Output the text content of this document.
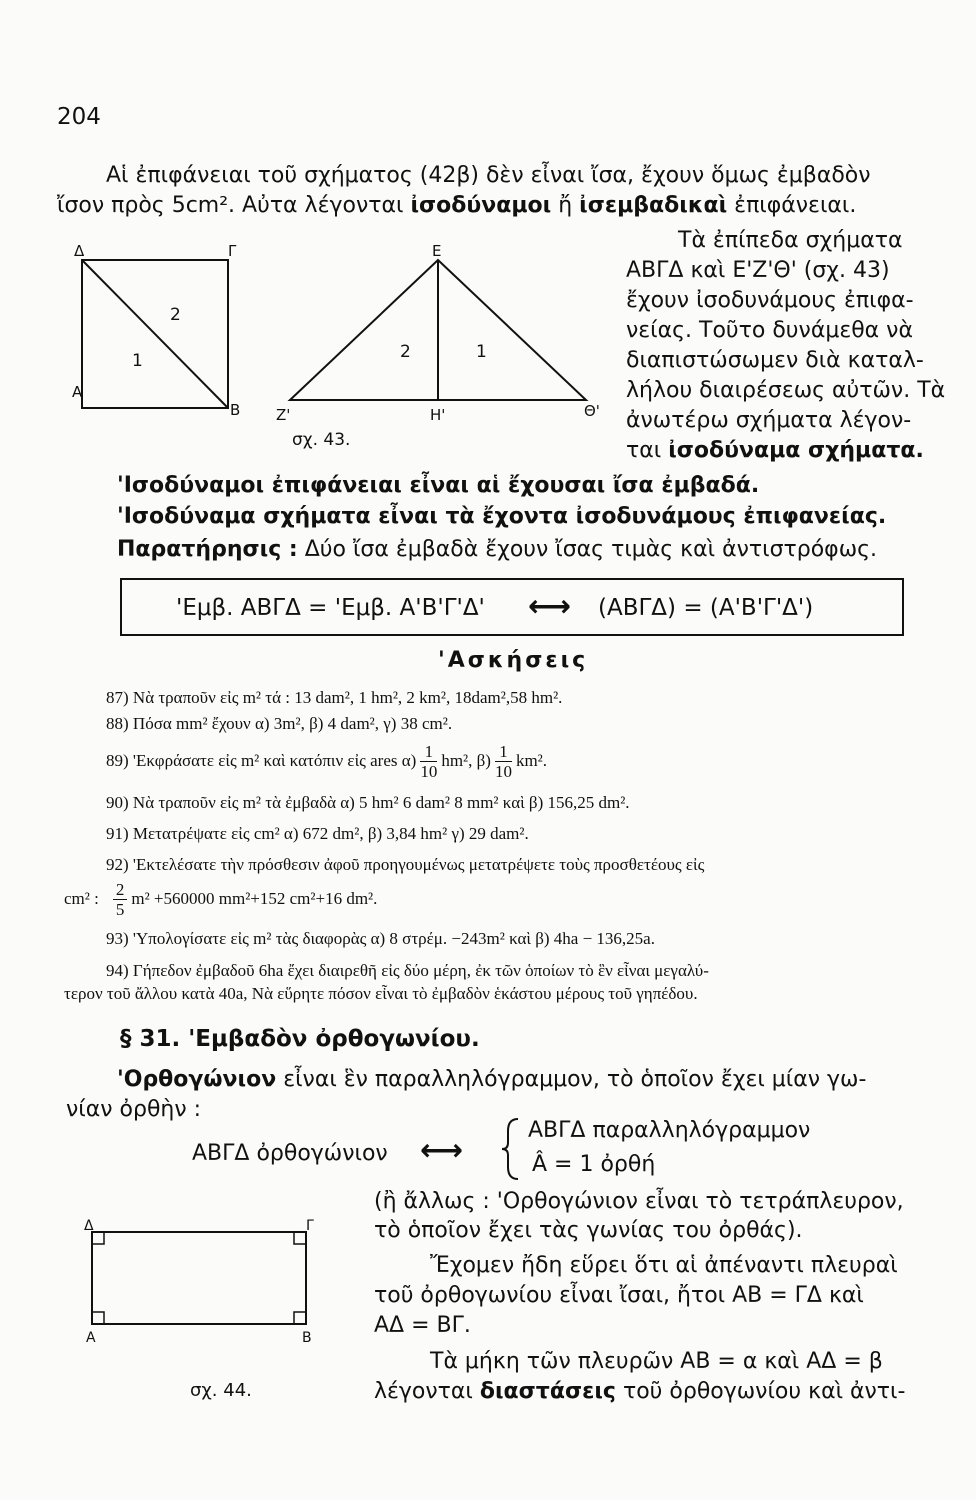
204
Αἱ ἐπιφάνειαι τοῦ σχήματος (42β) δὲν εἶναι ἴσα, ἔχουν ὅμως ἐμβαδὸν
ἴσον πρὸς 5cm². Αὐτα λέγονται ἰσοδύναμοι ἤ ἰσεμβαδικαὶ ἐπιφάνειαι.
Δ	Γ
Α
Β
2
1
Ε
Ζ'	Η'	Θ'
2	1
σχ. 43.
Τὰ ἐπίπεδα σχήματα
ΑΒΓΔ καὶ Ε'Ζ'Θ' (σχ. 43)
ἔχουν ἰσοδυνάμους ἐπιφα-
νείας. Τοῦτο δυνάμεθα νὰ
διαπιστώσωμεν διὰ καταλ-
λήλου διαιρέσεως αὐτῶν. Τὰ
ἀνωτέρω σχήματα λέγον-
ται ἰσοδύναμα σχήματα.
'Ισοδύναμοι ἐπιφάνειαι εἶναι αἱ ἔχουσαι ἴσα ἐμβαδά.
'Ισοδύναμα σχήματα εἶναι τὰ ἔχοντα ἰσοδυνάμους ἐπιφανείας.
Παρατήρησις : Δύο ἴσα ἐμβαδὰ ἔχουν ἴσας τιμὰς καὶ ἀντιστρόφως.
'Εμβ. ΑΒΓΔ = 'Εμβ. Α'Β'Γ'Δ' ⟷ (ΑΒΓΔ) = (Α'Β'Γ'Δ')
'Ασκήσεις
87) Νὰ τραποῦν εἰς m² τά : 13 dam², 1 hm², 2 km², 18dam²,58 hm².
88) Πόσα mm² ἔχουν α) 3m², β) 4 dam², γ) 38 cm².
89) 'Εκφράσατε εἰς m² καὶ κατόπιν εἰς ares $\alpha) \frac{1}{10} hm^2$, $\beta) \frac{1}{10} km^2$.
90) Νὰ τραποῦν εἰς m² τὰ ἐμβαδὰ α) 5 hm² 6 dam² 8 mm² καὶ β) 156,25 dm².
91) Μετατρέψατε εἰς cm² α) 672 dm², β) 3,84 hm² γ) 29 dam².
92) 'Εκτελέσατε τὴν πρόσθεσιν ἀφοῦ προηγουμένως μετατρέψετε τοὺς προσθετέους εἰς
cm² : $\frac{2}{5} m^2 +560000$ mm²+152 cm²+16 dm².
93) 'Υπολογίσατε εἰς m² τὰς διαφορὰς α) 8 στρέμ. −243m² καὶ β) 4ha − 136,25a.
94) Γήπεδον ἐμβαδοῦ 6ha ἔχει διαιρεθῆ εἰς δύο μέρη, ἐκ τῶν ὁποίων τὸ ἓν εἶναι μεγαλύ-
τερον τοῦ ἄλλου κατὰ 40a, Νὰ εὕρητε πόσον εἶναι τὸ ἐμβαδὸν ἑκάστου μέρους τοῦ γηπέδου.
§ 31. 'Εμβαδὸν ὀρθογωνίου.
'Ορθογώνιον εἶναι ἓν παραλληλόγραμμον, τὸ ὁποῖον ἔχει μίαν γω-
νίαν ὀρθὴν :
ΑΒΓΔ ὀρθογώνιον ⟷
ΑΒΓΔ παραλληλόγραμμον
Â = 1 ὀρθή
(ἢ ἄλλως : 'Ορθογώνιον εἶναι τὸ τετράπλευρον,
τὸ ὁποῖον ἔχει τὰς γωνίας του ὀρθάς).
Ἔχομεν ἤδη εὕρει ὅτι αἱ ἀπέναντι πλευραὶ
τοῦ ὀρθογωνίου εἶναι ἴσαι, ἤτοι ΑΒ = ΓΔ καὶ
ΑΔ = ΒΓ.
Τὰ μήκη τῶν πλευρῶν ΑΒ = α καὶ ΑΔ = β
λέγονται διαστάσεις τοῦ ὀρθογωνίου καὶ ἀντι-
Δ	Γ
Α	Β
σχ. 44.
